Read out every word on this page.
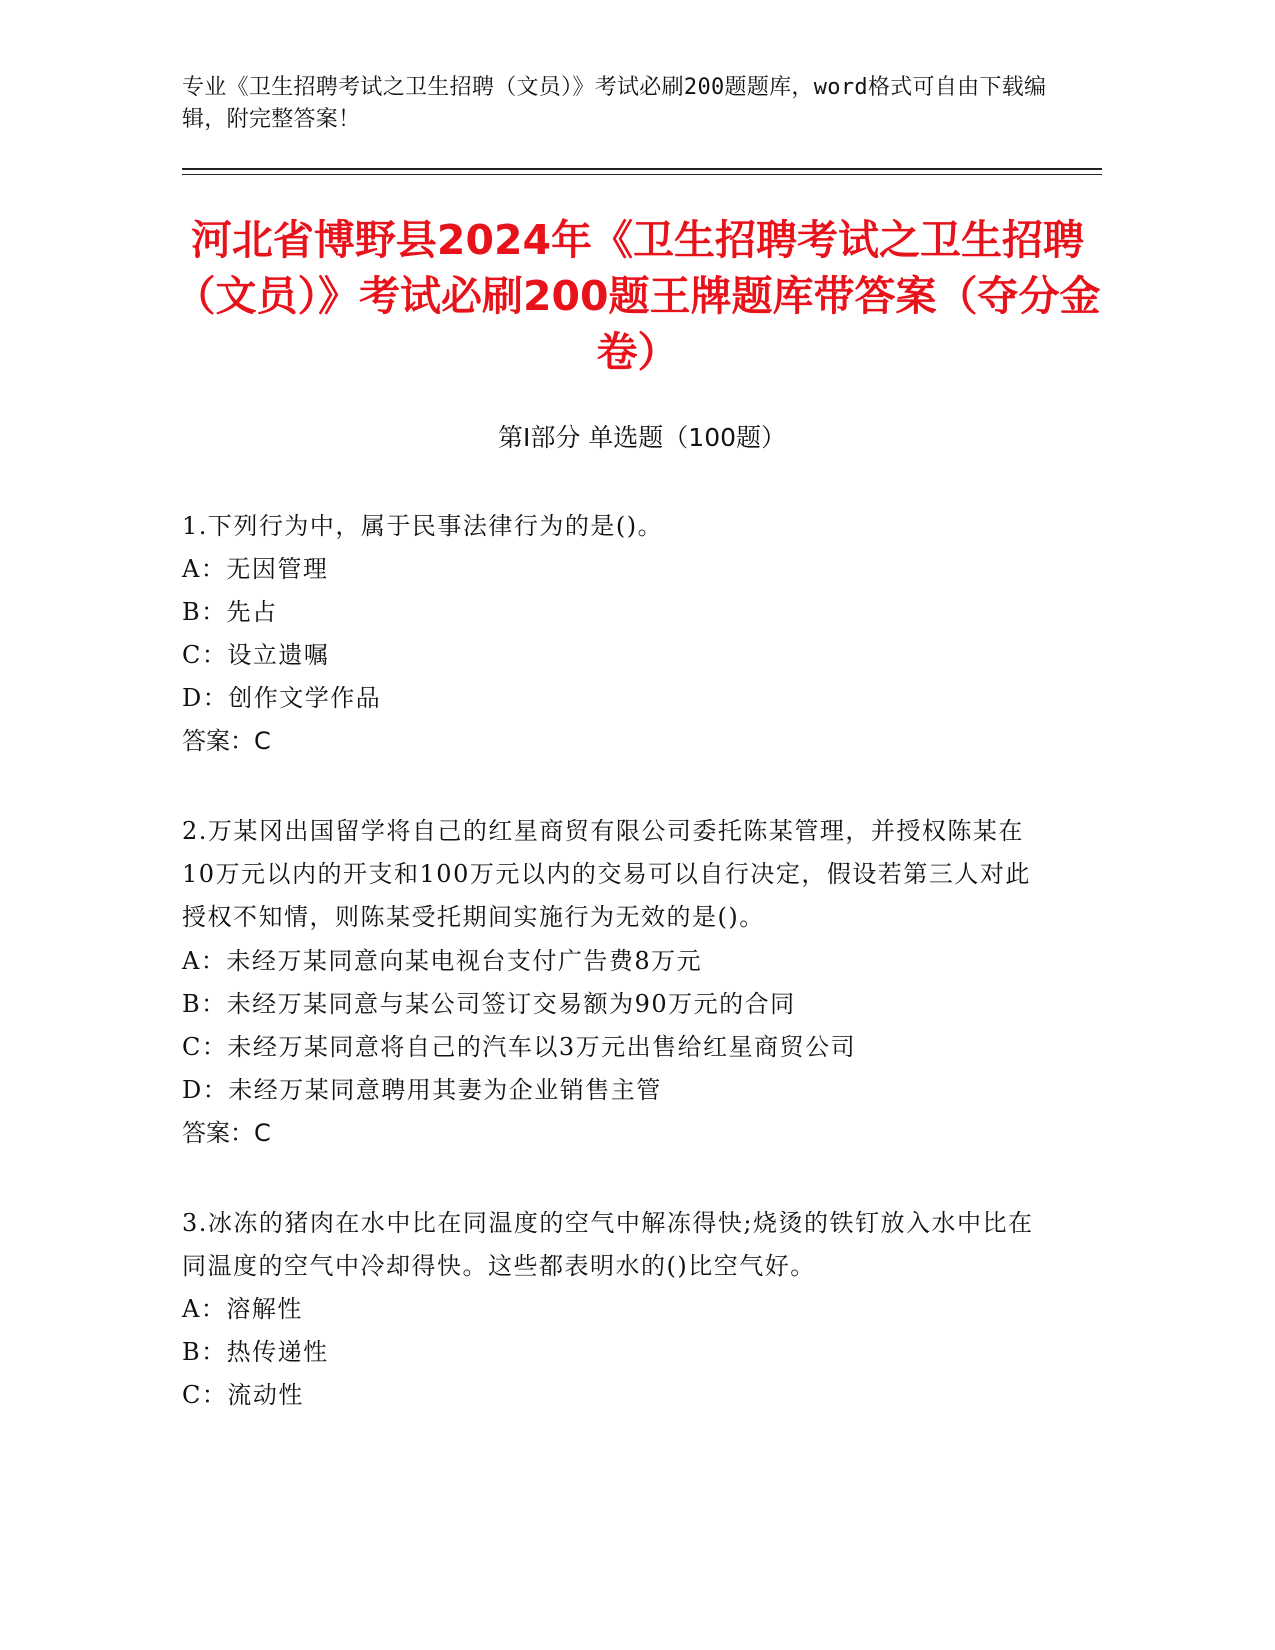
专业《卫生招聘考试之卫生招聘（文员）》考试必刷200题题库，word格式可自由下载编辑，附完整答案！
河北省博野县2024年《卫生招聘考试之卫生招聘（文员）》考试必刷200题王牌题库带答案（夺分金卷）
第Ⅰ部分 单选题（100题）
1.下列行为中，属于民事法律行为的是()。
A：无因管理
B：先占
C：设立遗嘱
D：创作文学作品
答案：C
2.万某冈出国留学将自己的红星商贸有限公司委托陈某管理，并授权陈某在10万元以内的开支和100万元以内的交易可以自行决定，假设若第三人对此授权不知情，则陈某受托期间实施行为无效的是()。
A：未经万某同意向某电视台支付广告费8万元
B：未经万某同意与某公司签订交易额为90万元的合同
C：未经万某同意将自己的汽车以3万元出售给红星商贸公司
D：未经万某同意聘用其妻为企业销售主管
答案：C
3.冰冻的猪肉在水中比在同温度的空气中解冻得快;烧烫的铁钉放入水中比在同温度的空气中冷却得快。这些都表明水的()比空气好。
A：溶解性
B：热传递性
C：流动性
